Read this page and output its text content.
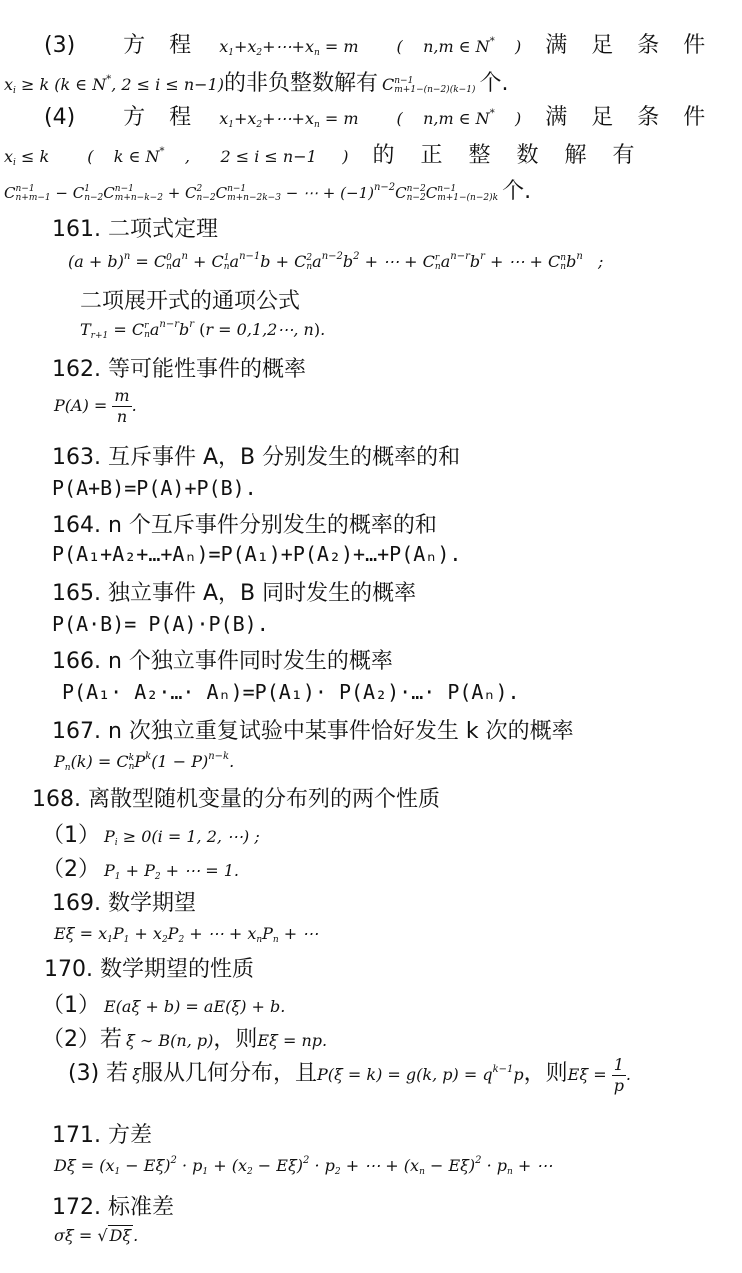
(3) 方程 $x_1+x_2+\cdots+x_n = m$ (    n,m ∈ N*    ) 满足条件
$x_i \ge k$ (k ∈ N*, 2 ≤ i ≤ n−1)的非负整数解有 C n−1
m+1−(n−2)(k−1) 个.
(4) 方程 $x_1+x_2+\cdots+x_n = m$ (    n,m ∈ N*    ) 满足条件
$x_i \le k$ (    k ∈ N*    ,      2 ≤ i ≤ n−1     ) 的正整数解有
C n−1
n+m−1 − C 1
n−2 C n−1
m+n−k−2 + C 2
n−2 C n−1
m+n−2k−3 − ⋯ + $(-1)^{n-2}C$ n−2
n−2 C n−1
m+1−(n−2)k 个.
161. 二项式定理
$(a + b)^n = C$ 0
n $a^n + C$ 1
n $a^{n-1}b + C$ 2
n $a^{n-2}b^2$ + ⋯ + C r
n $a^{n-r}b^r$ + ⋯ + C n
n $b^n$   ;
二项展开式的通项公式
$T_{r+1} = C$ r
n $a^{n-r}b^r$ (r = 0,1,2⋯, n).
162. 等可能性事件的概率
$P(A) = \frac{m}{n}$ .
163. 互斥事件 A，B 分别发生的概率的和
P(A+B)=P(A)+P(B).
164. n 个互斥事件分别发生的概率的和
P(A₁+A₂+…+Aₙ)=P(A₁)+P(A₂)+…+P(Aₙ).
165. 独立事件 A，B 同时发生的概率
P(A·B)= P(A)·P(B).
166. n 个独立事件同时发生的概率
P(A₁· A₂·…· Aₙ)=P(A₁)· P(A₂)·…· P(Aₙ).
167. n 次独立重复试验中某事件恰好发生 k 次的概率
$P_n(k) = C$ k
n $P^k(1 - P)^{n-k}$.
168. 离散型随机变量的分布列的两个性质
（1） $P_i \ge 0(i = 1$, 2, ⋯) ;
（2） $P_1 + P_2$ + ⋯ = 1.
169. 数学期望
$E\xi = x_1P_1 + x_2P_2$ + ⋯ + $x_nP_n$ + ⋯
170. 数学期望的性质
（1） E(aξ + b) = aE(ξ) + b.
（2）若 ξ ∼ B(n, p)，则Eξ = np.
(3) 若 ξ服从几何分布，且P(ξ = k) = g(k, $p) = q^{k-1}p$，则$E\xi = \frac{1}{p}$ .
171. 方差
$D\xi = (x_1 - E\xi)^2 \cdot p_1 + (x_2 - E\xi)^2 \cdot p_2$ + ⋯ + $(x_n - E\xi)^2 \cdot p_n$ + ⋯
172. 标准差
σξ = √ Dξ .
